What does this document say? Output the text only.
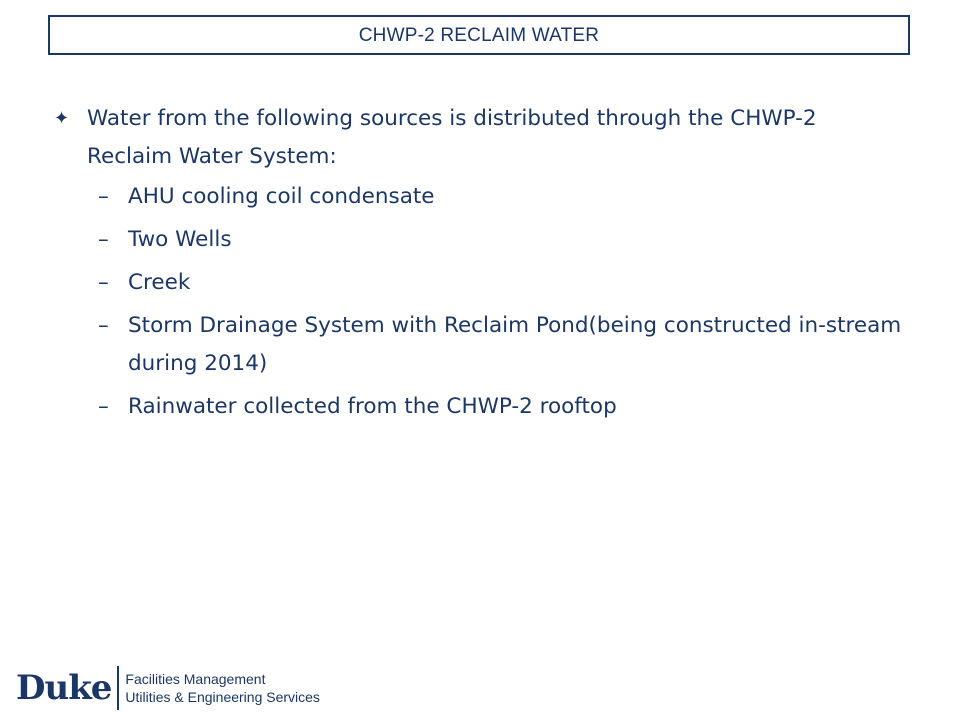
CHWP-2 RECLAIM WATER
✦ Water from the following sources is distributed through the CHWP-2 Reclaim Water System:
– AHU cooling coil condensate
– Two Wells
– Creek
– Storm Drainage System with Reclaim Pond(being constructed in-stream during 2014)
– Rainwater collected from the CHWP-2 rooftop
Duke Facilities Management
Utilities & Engineering Services
